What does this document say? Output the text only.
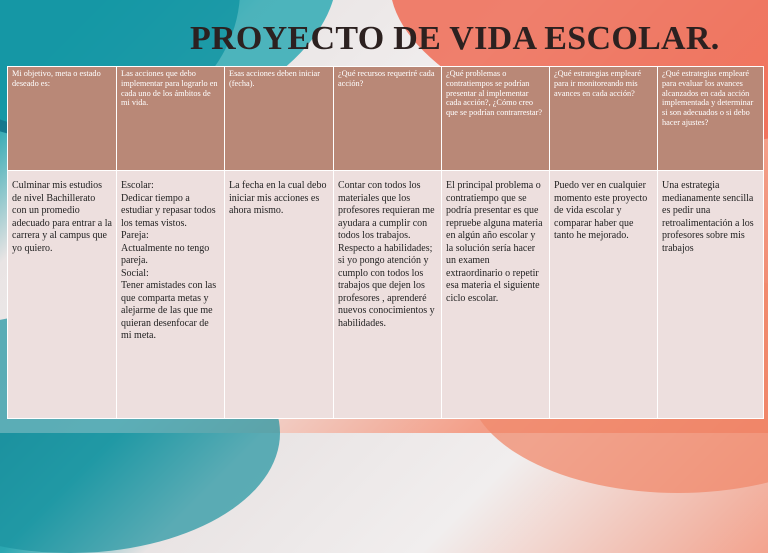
PROYECTO DE VIDA ESCOLAR.
Mi objetivo, meta o estado deseado es:
Las acciones que debo implementar para lograrlo en cada uno de los ámbitos de mi vida.
Esas acciones deben iniciar (fecha).
¿Qué recursos requeriré cada acción?
¿Qué problemas o contratiempos se podrían presentar al implementar cada acción?, ¿Cómo creo que se podrían contrarrestar?
¿Qué estrategias emplearé para ir monitoreando mis avances en cada acción?
¿Qué estrategias emplearé para evaluar los avances alcanzados en cada acción implementada y determinar si son adecuados o si debo hacer ajustes?
Culminar mis estudios de nivel Bachillerato con un promedio adecuado para entrar a la carrera y al campus que yo quiero.
Escolar:
Dedicar tiempo a estudiar y repasar todos los temas vistos.
Pareja:
Actualmente no tengo pareja.
Social:
Tener amistades con las que comparta metas y alejarme de las que me quieran desenfocar de mi meta.
La fecha en la cual debo iniciar mis acciones es ahora mismo.
Contar con todos los materiales que los profesores requieran me ayudara a cumplir con todos los trabajos.
Respecto a habilidades; si yo pongo atención y cumplo con todos los trabajos que dejen los profesores , aprenderé nuevos conocimientos y habilidades.
El principal problema o contratiempo que se podría presentar es que repruebe alguna materia en algún año escolar y la solución sería hacer un examen extraordinario o repetir esa materia el siguiente ciclo escolar.
Puedo ver en cualquier momento este proyecto de vida escolar y comparar haber que tanto he mejorado.
Una estrategia medianamente sencilla es pedir una retroalimentación a los profesores sobre mis trabajos
